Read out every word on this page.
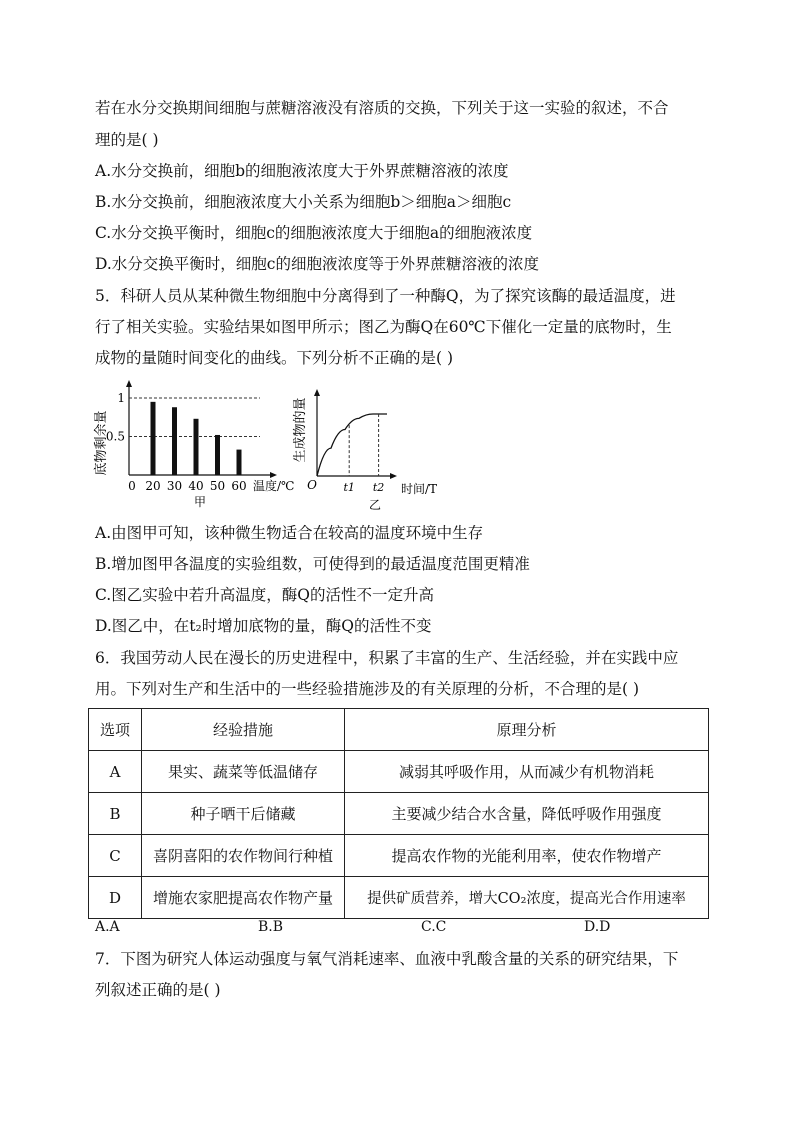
若在水分交换期间细胞与蔗糖溶液没有溶质的交换，下列关于这一实验的叙述，不合
理的是( )
A.水分交换前，细胞b的细胞液浓度大于外界蔗糖溶液的浓度
B.水分交换前，细胞液浓度大小关系为细胞b＞细胞a＞细胞c
C.水分交换平衡时，细胞c的细胞液浓度大于细胞a的细胞液浓度
D.水分交换平衡时，细胞c的细胞液浓度等于外界蔗糖溶液的浓度
5．科研人员从某种微生物细胞中分离得到了一种酶Q，为了探究该酶的最适温度，进
行了相关实验。实验结果如图甲所示；图乙为酶Q在60℃下催化一定量的底物时，生
成物的量随时间变化的曲线。下列分析不正确的是( )
底物剩余量
1
0.5
0 20 30 40 50 60 温度/℃
甲
生成物的量
O t1 t2 时间/T
乙
A.由图甲可知，该种微生物适合在较高的温度环境中生存
B.增加图甲各温度的实验组数，可使得到的最适温度范围更精准
C.图乙实验中若升高温度，酶Q的活性不一定升高
D.图乙中，在t₂时增加底物的量，酶Q的活性不变
6．我国劳动人民在漫长的历史进程中，积累了丰富的生产、生活经验，并在实践中应
用。下列对生产和生活中的一些经验措施涉及的有关原理的分析，不合理的是( )
选项	经验措施	原理分析
A	果实、蔬菜等低温储存	减弱其呼吸作用，从而减少有机物消耗
B	种子晒干后储藏	主要减少结合水含量，降低呼吸作用强度
C	喜阴喜阳的农作物间行种植	提高农作物的光能利用率，使农作物增产
D	增施农家肥提高农作物产量	提供矿质营养，增大CO₂浓度，提高光合作用速率
A.A	B.B	C.C	D.D
7．下图为研究人体运动强度与氧气消耗速率、血液中乳酸含量的关系的研究结果，下
列叙述正确的是( )
